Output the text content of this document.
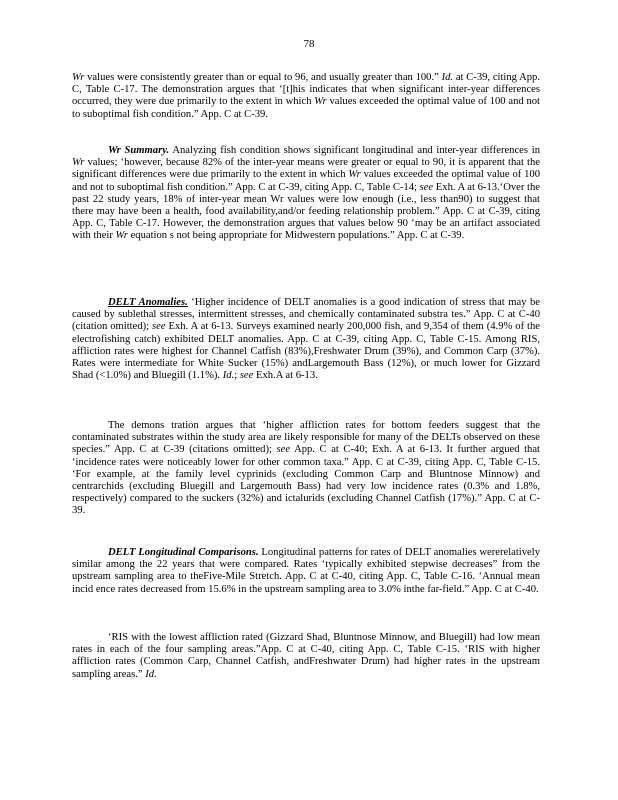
78

Wr values were consistently greater than or equal to 96, and usually greater than 100.” Id. at C-39, citing App. C, Table C-17. The demonstration argues that ‘[t]his indicates that when significant inter-year differences occurred, they were due primarily to the extent in which Wr values exceeded the optimal value of 100 and not to suboptimal fish condition.” App. C at C-39.

Wr Summary. Analyzing fish condition shows significant longitudinal and inter-year differences in Wr values; ‘however, because 82% of the inter-year means were greater or equal to 90, it is apparent that the significant differences were due primarily to the extent in which Wr values exceeded the optimal value of 100 and not to suboptimal fish condition.” App. C at C-39, citing App. C, Table C-14; see Exh. A at 6-13.‘Over the past 22 study years, 18% of inter-year mean Wr values were low enough (i.e., less than90) to suggest that there may have been a health, food availability,and/or feeding relationship problem.” App. C at C-39, citing App. C, Table C-17. However, the demonstration argues that values below 90 ‘may be an artifact associated with their Wr equation s not being appropriate for Midwestern populations.” App. C at C-39.

DELT Anomalies. ‘Higher incidence of DELT anomalies is a good indication of stress that may be caused by sublethal stresses, intermittent stresses, and chemically contaminated substra tes.” App. C at C-40 (citation omitted); see Exh. A at 6-13. Surveys examined nearly 200,000 fish, and 9,354 of them (4.9% of the electrofishing catch) exhibited DELT anomalies. App. C at C-39, citing App. C, Table C-15. Among RIS, affliction rates were highest for Channel Catfish (83%),Freshwater Drum (39%), and Common Carp (37%). Rates were intermediate for White Sucker (15%) andLargemouth Bass (12%), or much lower for Gizzard Shad (<1.0%) and Bluegill (1.1%). Id.; see Exh.A at 6-13.

The demons tration argues that ‘higher affliction rates for bottom feeders suggest that the contaminated substrates within the study area are likely responsible for many of the DELTs observed on these species.” App. C at C-39 (citations omitted); see App. C at C-40; Exh. A at 6-13. It further argued that ‘incidence rates were noticeably lower for other common taxa.” App. C at C-39, citing App. C, Table C-15. ‘For example, at the family level cyprinids (excluding Common Carp and Bluntnose Minnow) and centrarchids (excluding Bluegill and Largemouth Bass) had very low incidence rates (0.3% and 1.8%, respectively) compared to the suckers (32%) and ictalurids (excluding Channel Catfish (17%).” App. C at C-39.

DELT Longitudinal Comparisons. Longitudinal patterns for rates of DELT anomalies wererelatively similar among the 22 years that were compared. Rates ‘typically exhibited stepwise decreases” from the upstream sampling area to theFive-Mile Stretch. App. C at C-40, citing App. C, Table C-16. ‘Annual mean incid ence rates decreased from 15.6% in the upstream sampling area to 3.0% inthe far-field.” App. C at C-40.

‘RIS with the lowest affliction rated (Gizzard Shad, Bluntnose Minnow, and Bluegill) had low mean rates in each of the four sampling areas.”App. C at C-40, citing App. C, Table C-15. ‘RIS with higher affliction rates (Common Carp, Channel Catfish, andFreshwater Drum) had higher rates in the upstream sampling areas.” Id.
